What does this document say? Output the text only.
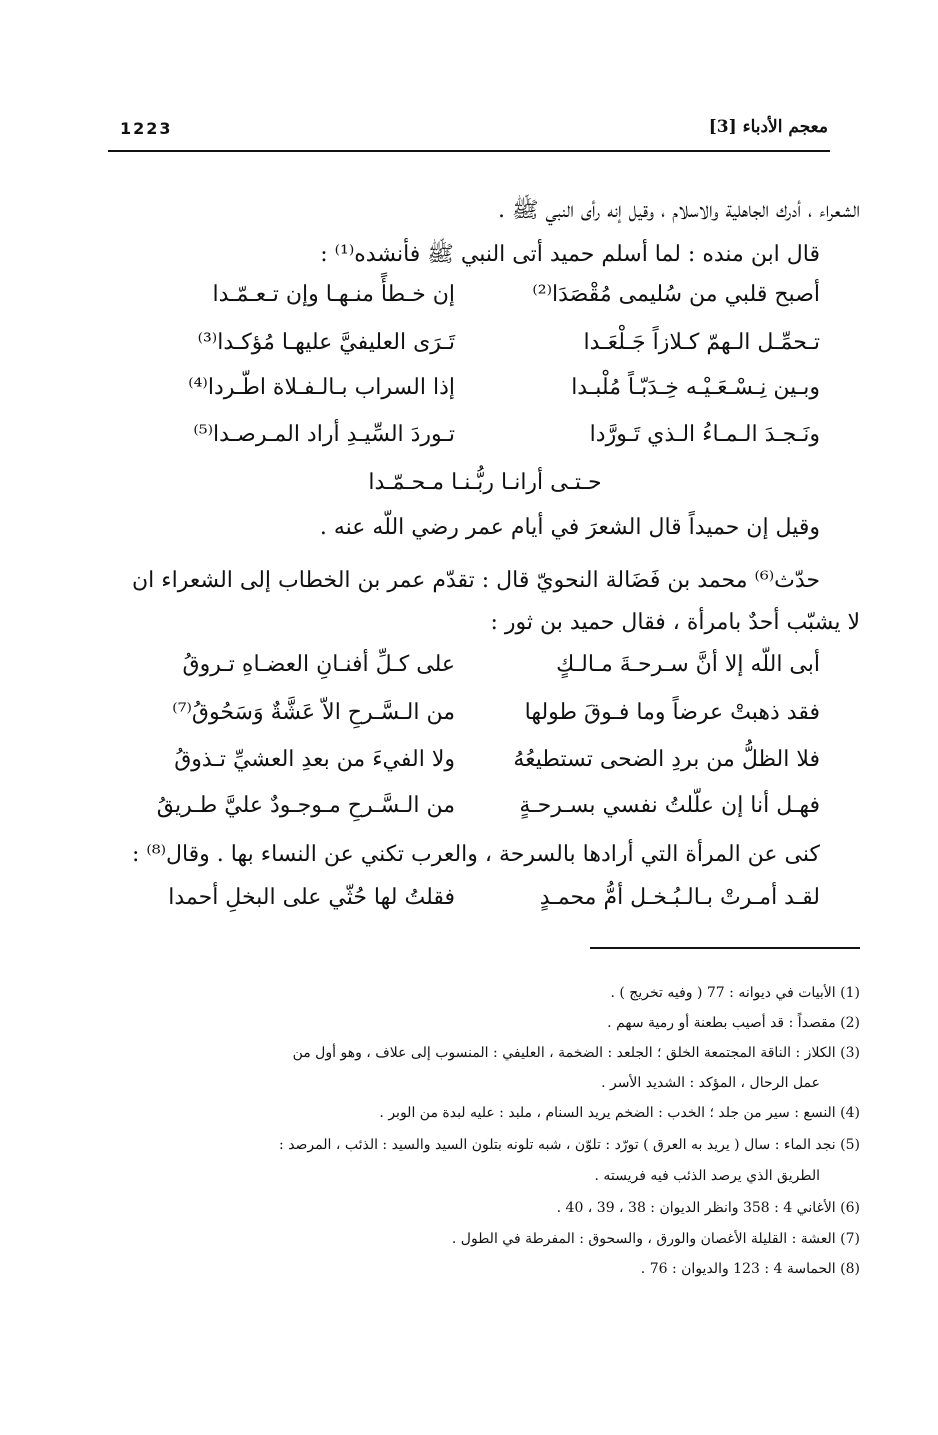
1223	معجم الأدباء [3]
الشعراء ، أدرك الجاهلية والاسلام ، وقيل إنه رأى النبي ﷺ .
قال ابن منده : لما أسلم حميد أتى النبي ﷺ فأنشده⁽¹⁾ :
أصبح قلبي من سُليمى مُقْصَدَا⁽²⁾
إن خـطأً منـهـا وإن تـعـمّـدا
تـحمِّـل الـهمّ كـلازاً جَـلْعَـدا
تَـرَى العليفيَّ عليهـا مُؤكـدا⁽³⁾
وبـين نِـسْـعَـيْـه خِـدَبّـاً مُلْبـدا
إذا السراب بـالـفـلاة اطّـردا⁽⁴⁾
ونَـجـدَ الـمـاءُ الـذي تَـورَّدا
تـوردَ السِّيـدِ أراد المـرصـدا⁽⁵⁾
حـتـى أرانـا ربُّـنـا مـحـمّـدا
وقيل إن حميداً قال الشعرَ في أيام عمر رضي اللّه عنه .
حدّث⁽⁶⁾ محمد بن فَضَالة النحويّ قال : تقدّم عمر بن الخطاب إلى الشعراء ان
لا يشبّب أحدٌ بامرأة ، فقال حميد بن ثور :
أبى اللّه إلا أنَّ سـرحـةَ مـالـكٍ
على كـلِّ أفنـانِ العضـاهِ تـروقُ
فقد ذهبتْ عرضاً وما فـوقَ طولها
من الـسَّـرحِ الاّ عَشَّةٌ وَسَحُوقُ⁽⁷⁾
فلا الظلُّ من بردِ الضحى تستطيعُهُ
ولا الفيءَ من بعدِ العشيِّ تـذوقُ
فهـل أنا إن علّلتُ نفسي بسـرحـةٍ
من الـسَّـرحِ مـوجـودٌ عليَّ طـريقُ
كنى عن المرأة التي أرادها بالسرحة ، والعرب تكني عن النساء بها . وقال⁽⁸⁾ :
لقـد أمـرتْ بـالـبُـخـل أمُّ محمـدٍ
فقلتُ لها حُثّي على البخلِ أحمدا
(1) الأبيات في ديوانه : 77 ( وفيه تخريج ) .
(2) مقصداً : قد أصيب بطعنة أو رمية سهم .
(3) الكلاز : الناقة المجتمعة الخلق ؛ الجلعد : الضخمة ، العليفي : المنسوب إلى علاف ، وهو أول من
عمل الرحال ، المؤكد : الشديد الأسر .
(4) النسع : سير من جلد ؛ الخدب : الضخم يريد السنام ، ملبد : عليه لبدة من الوبر .
(5) نجد الماء : سال ( يريد به العرق ) تورّد : تلوّن ، شبه تلونه بتلون السيد والسيد : الذئب ، المرصد :
الطريق الذي يرصد الذئب فيه فريسته .
(6) الأغاني 4 : 358 وانظر الديوان : 38 ، 39 ، 40 .
(7) العشة : القليلة الأغصان والورق ، والسحوق : المفرطة في الطول .
(8) الحماسة 4 : 123 والديوان : 76 .
